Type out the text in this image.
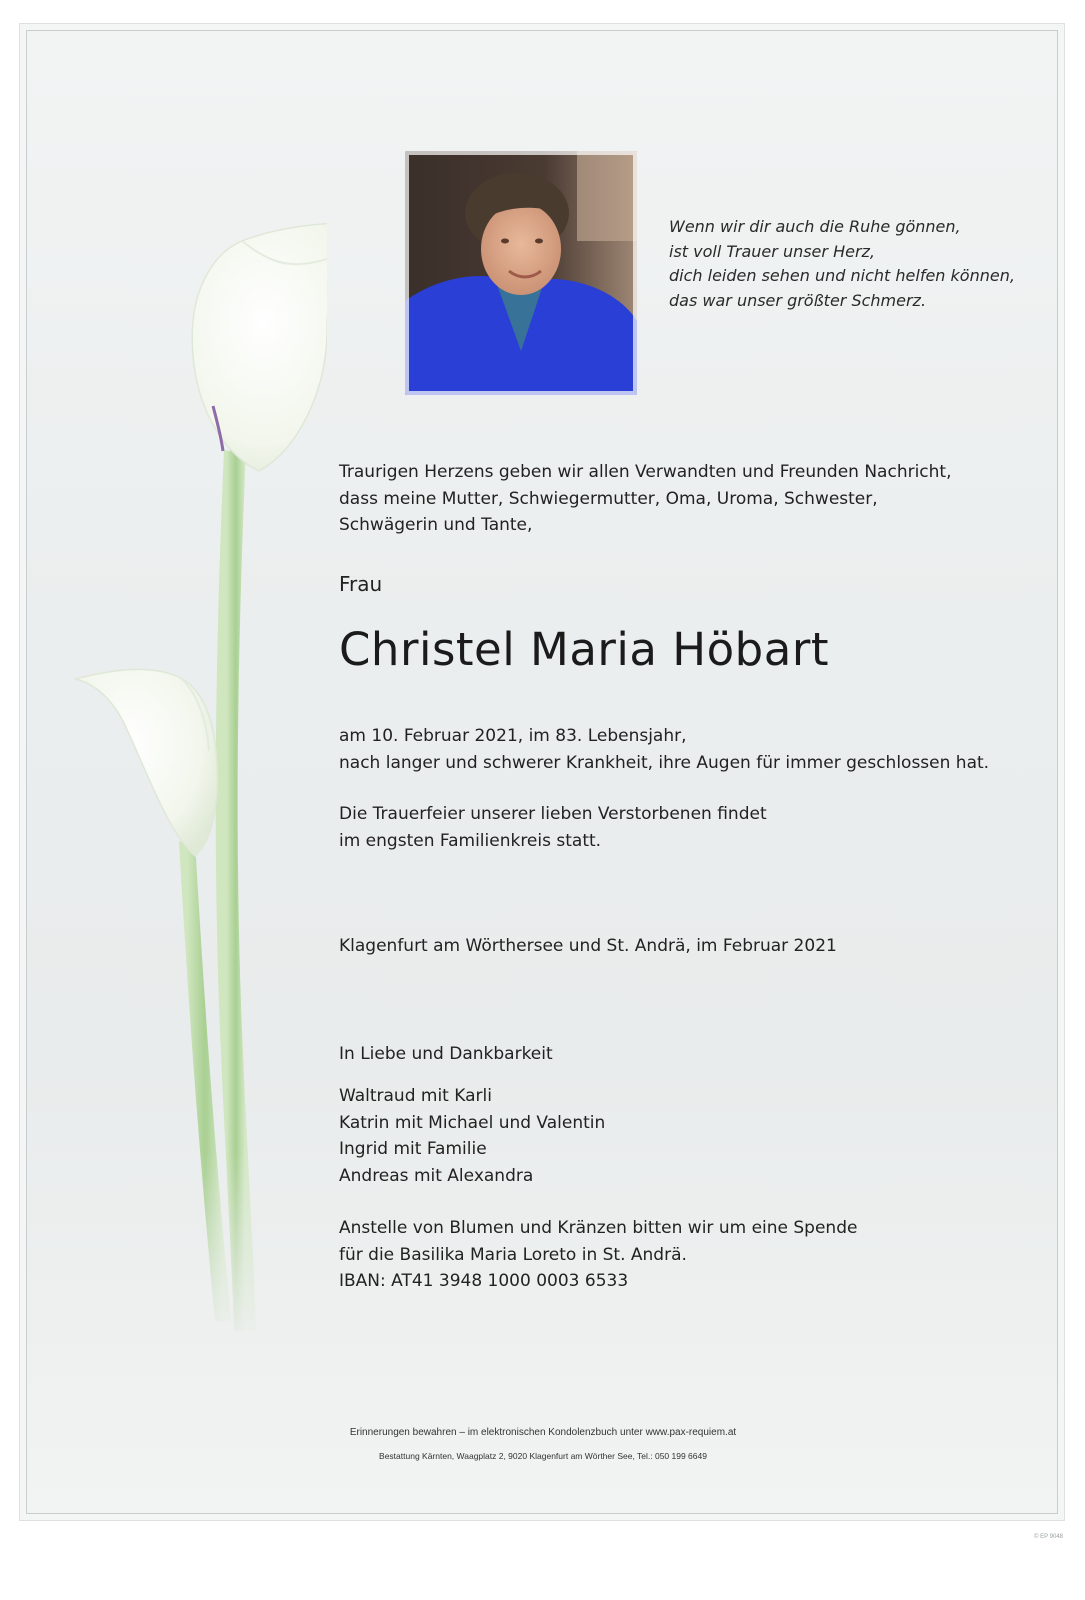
Wenn wir dir auch die Ruhe gönnen,
ist voll Trauer unser Herz,
dich leiden sehen und nicht helfen können,
das war unser größter Schmerz.
Traurigen Herzens geben wir allen Verwandten und Freunden Nachricht,
dass meine Mutter, Schwiegermutter, Oma, Uroma, Schwester,
Schwägerin und Tante,
Frau
Christel Maria Höbart
am 10. Februar 2021, im 83. Lebensjahr,
nach langer und schwerer Krankheit, ihre Augen für immer geschlossen hat.
Die Trauerfeier unserer lieben Verstorbenen findet
im engsten Familienkreis statt.
Klagenfurt am Wörthersee und St. Andrä, im Februar 2021
In Liebe und Dankbarkeit
Waltraud mit Karli
Katrin mit Michael und Valentin
Ingrid mit Familie
Andreas mit Alexandra
Anstelle von Blumen und Kränzen bitten wir um eine Spende
für die Basilika Maria Loreto in St. Andrä.
IBAN: AT41 3948 1000 0003 6533
Erinnerungen bewahren – im elektronischen Kondolenzbuch unter www.pax-requiem.at
Bestattung Kärnten, Waagplatz 2, 9020 Klagenfurt am Wörther See, Tel.: 050 199 6649
© EP 9048
